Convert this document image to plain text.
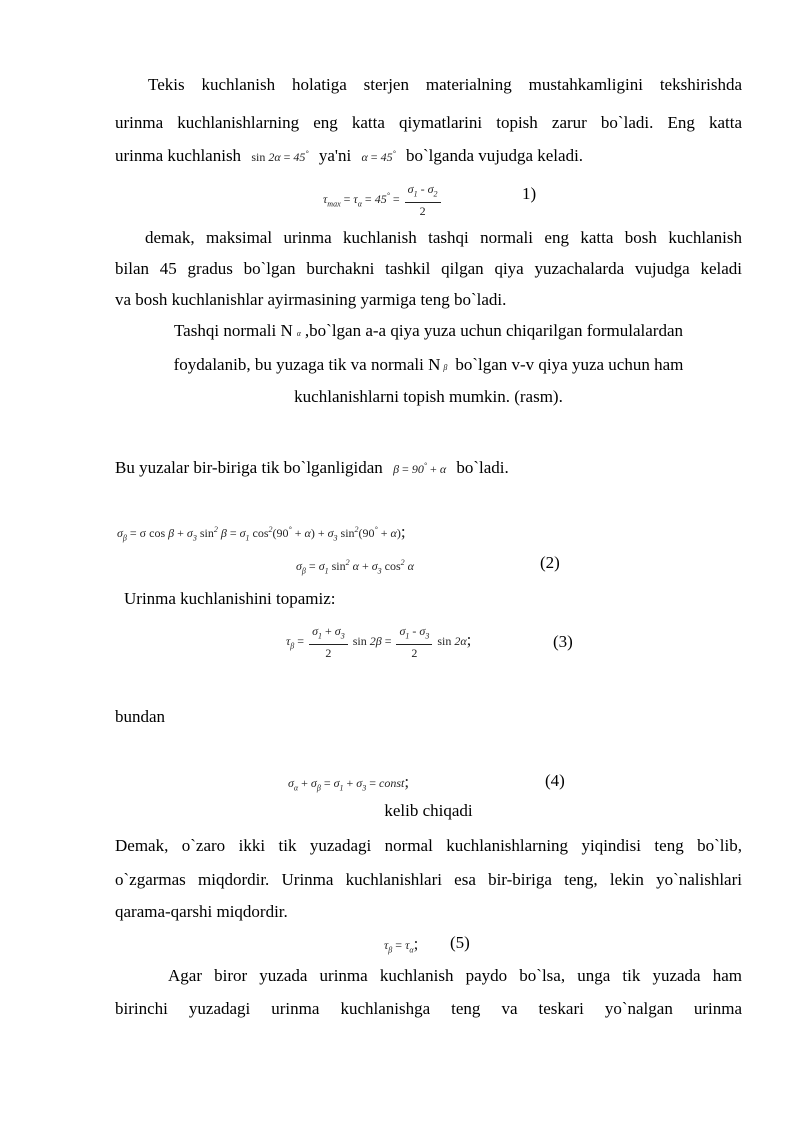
Tekis kuchlanish holatiga sterjen materialning mustahkamligini tekshirishda
urinma kuchlanishlarning eng katta qiymatlarini topish zarur bo`ladi. Eng katta
urinma kuchlanish sin 2α = 45° ya'ni α = 45° bo`lganda vujudga keladi.
$\tau_{max} = \tau_\alpha = 45^\circ = \frac{\sigma_1 - \sigma_2}{2}$	1)
demak, maksimal urinma kuchlanish tashqi normali eng katta bosh kuchlanish
bilan 45 gradus bo`lgan burchakni tashkil qilgan qiya yuzachalarda vujudga keladi
va bosh kuchlanishlar ayirmasining yarmiga teng bo`ladi.
Tashqi normali N α ,bo`lgan a-a qiya yuza uchun chiqarilgan formulalardan
foydalanib, bu yuzaga tik va normali N β bo`lgan v-v qiya yuza uchun ham
kuchlanishlarni topish mumkin. (rasm).
Bu yuzalar bir-biriga tik bo`lganligidan β = 90° + α bo`ladi.
$\sigma_\beta = \sigma$ $\cos \beta + \sigma_3$ $\sin^2 \beta = \sigma_1$ $\cos^2(90^\circ + \alpha) + \sigma_3$ $\sin^2(90^\circ + \alpha)$;
$\sigma_\beta = \sigma_1$ $\sin^2 \alpha + \sigma_3$ $\cos^2 \alpha$	(2)
Urinma kuchlanishini topamiz:
$\tau_\beta = \frac{\sigma_1 + \sigma_3}{2}$ $\sin 2\beta = \frac{\sigma_1 - \sigma_3}{2}$ sin 2α;	(3)
bundan
$\sigma_\alpha + \sigma_\beta = \sigma_1 + \sigma_3$ = const;	(4)
kelib chiqadi
Demak, o`zaro ikki tik yuzadagi normal kuchlanishlarning yiqindisi teng bo`lib,
o`zgarmas miqdordir. Urinma kuchlanishlari esa bir-biriga teng, lekin yo`nalishlari
qarama-qarshi miqdordir.
$\tau_\beta = \tau_\alpha$; (5)
Agar biror yuzada urinma kuchlanish paydo bo`lsa, unga tik yuzada ham
birinchi yuzadagi urinma kuchlanishga teng va teskari yo`nalgan urinma
